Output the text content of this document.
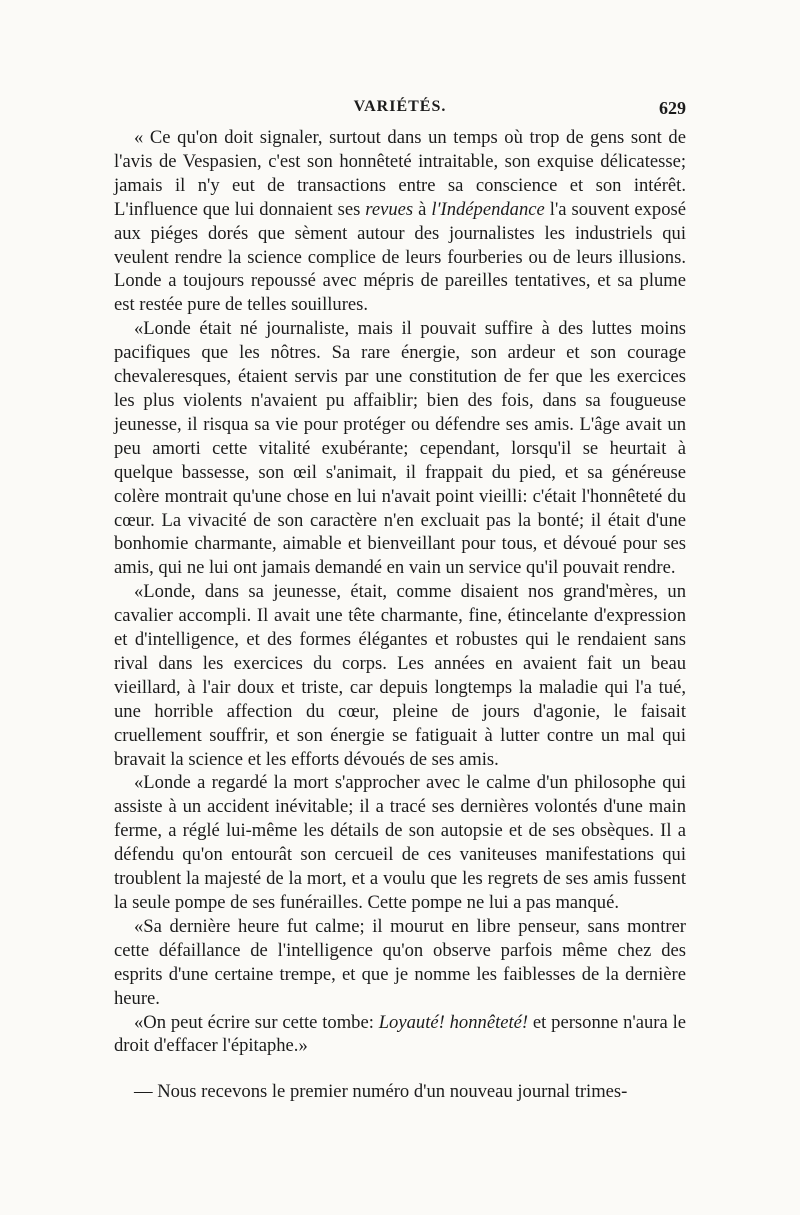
VARIÉTÉS.	629

« Ce qu'on doit signaler, surtout dans un temps où trop de gens sont de l'avis de Vespasien, c'est son honnêteté intraitable, son exquise délicatesse; jamais il n'y eut de transactions entre sa conscience et son intérêt. L'influence que lui donnaient ses revues à l'Indépendance l'a souvent exposé aux piéges dorés que sèment autour des journalistes les industriels qui veulent rendre la science complice de leurs fourberies ou de leurs illusions. Londe a toujours repoussé avec mépris de pareilles tentatives, et sa plume est restée pure de telles souillures.

«Londe était né journaliste, mais il pouvait suffire à des luttes moins pacifiques que les nôtres. Sa rare énergie, son ardeur et son courage chevaleresques, étaient servis par une constitution de fer que les exercices les plus violents n'avaient pu affaiblir; bien des fois, dans sa fougueuse jeunesse, il risqua sa vie pour protéger ou défendre ses amis. L'âge avait un peu amorti cette vitalité exubérante; cependant, lorsqu'il se heurtait à quelque bassesse, son œil s'animait, il frappait du pied, et sa généreuse colère montrait qu'une chose en lui n'avait point vieilli: c'était l'honnêteté du cœur. La vivacité de son caractère n'en excluait pas la bonté; il était d'une bonhomie charmante, aimable et bienveillant pour tous, et dévoué pour ses amis, qui ne lui ont jamais demandé en vain un service qu'il pouvait rendre.

«Londe, dans sa jeunesse, était, comme disaient nos grand'mères, un cavalier accompli. Il avait une tête charmante, fine, étincelante d'expression et d'intelligence, et des formes élégantes et robustes qui le rendaient sans rival dans les exercices du corps. Les années en avaient fait un beau vieillard, à l'air doux et triste, car depuis longtemps la maladie qui l'a tué, une horrible affection du cœur, pleine de jours d'agonie, le faisait cruellement souffrir, et son énergie se fatiguait à lutter contre un mal qui bravait la science et les efforts dévoués de ses amis.

«Londe a regardé la mort s'approcher avec le calme d'un philosophe qui assiste à un accident inévitable; il a tracé ses dernières volontés d'une main ferme, a réglé lui-même les détails de son autopsie et de ses obsèques. Il a défendu qu'on entourât son cercueil de ces vaniteuses manifestations qui troublent la majesté de la mort, et a voulu que les regrets de ses amis fussent la seule pompe de ses funérailles. Cette pompe ne lui a pas manqué.

«Sa dernière heure fut calme; il mourut en libre penseur, sans montrer cette défaillance de l'intelligence qu'on observe parfois même chez des esprits d'une certaine trempe, et que je nomme les faiblesses de la dernière heure.

«On peut écrire sur cette tombe: Loyauté! honnêteté! et personne n'aura le droit d'effacer l'épitaphe.»

— Nous recevons le premier numéro d'un nouveau journal trimes-
